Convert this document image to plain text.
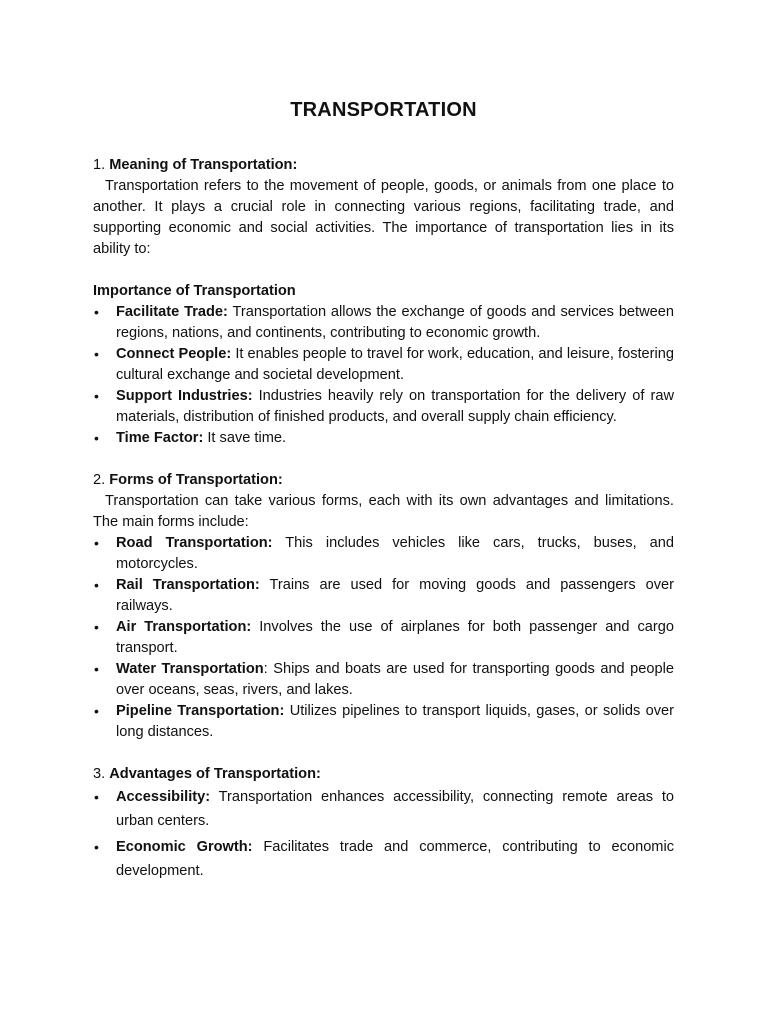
TRANSPORTATION

1. Meaning of Transportation:

Transportation refers to the movement of people, goods, or animals from one place to another. It plays a crucial role in connecting various regions, facilitating trade, and supporting economic and social activities. The importance of transportation lies in its ability to:

Importance of Transportation

• Facilitate Trade: Transportation allows the exchange of goods and services between regions, nations, and continents, contributing to economic growth.
• Connect People: It enables people to travel for work, education, and leisure, fostering cultural exchange and societal development.
• Support Industries: Industries heavily rely on transportation for the delivery of raw materials, distribution of finished products, and overall supply chain efficiency.
• Time Factor: It save time.

2. Forms of Transportation:

Transportation can take various forms, each with its own advantages and limitations. The main forms include:

• Road Transportation: This includes vehicles like cars, trucks, buses, and motorcycles.
• Rail Transportation: Trains are used for moving goods and passengers over railways.
• Air Transportation: Involves the use of airplanes for both passenger and cargo transport.
• Water Transportation: Ships and boats are used for transporting goods and people over oceans, seas, rivers, and lakes.
• Pipeline Transportation: Utilizes pipelines to transport liquids, gases, or solids over long distances.

3. Advantages of Transportation:

• Accessibility: Transportation enhances accessibility, connecting remote areas to urban centers.
• Economic Growth: Facilitates trade and commerce, contributing to economic development.
